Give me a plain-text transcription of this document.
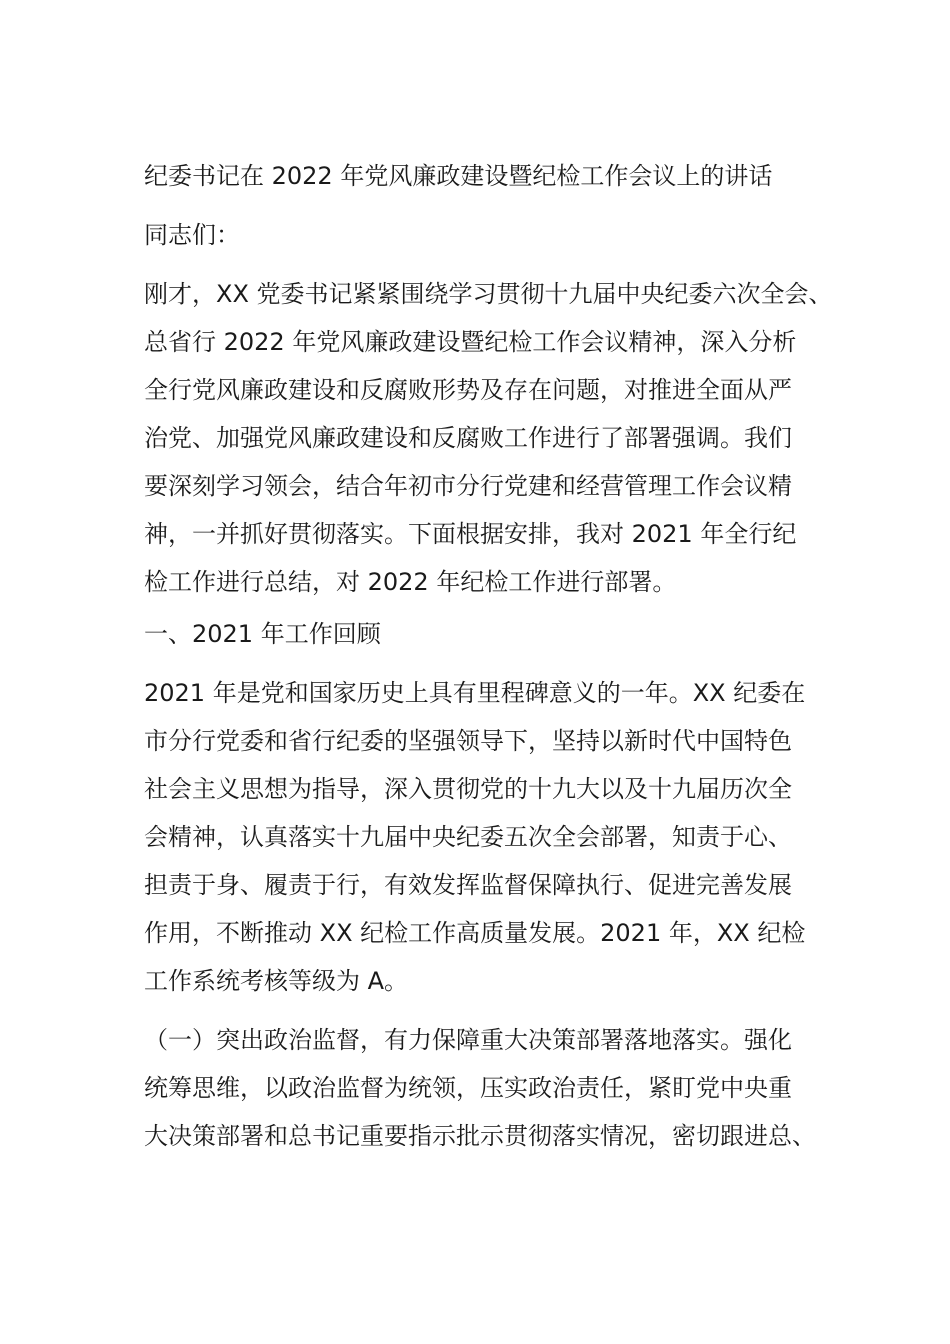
纪委书记在 2022 年党风廉政建设暨纪检工作会议上的讲话
同志们：
刚才，XX 党委书记紧紧围绕学习贯彻十九届中央纪委六次全会、
总省行 2022 年党风廉政建设暨纪检工作会议精神，深入分析
全行党风廉政建设和反腐败形势及存在问题，对推进全面从严
治党、加强党风廉政建设和反腐败工作进行了部署强调。我们
要深刻学习领会，结合年初市分行党建和经营管理工作会议精
神，一并抓好贯彻落实。下面根据安排，我对 2021 年全行纪
检工作进行总结，对 2022 年纪检工作进行部署。
一、2021 年工作回顾
2021 年是党和国家历史上具有里程碑意义的一年。XX 纪委在
市分行党委和省行纪委的坚强领导下，坚持以新时代中国特色
社会主义思想为指导，深入贯彻党的十九大以及十九届历次全
会精神，认真落实十九届中央纪委五次全会部署，知责于心、
担责于身、履责于行，有效发挥监督保障执行、促进完善发展
作用，不断推动 XX 纪检工作高质量发展。2021 年，XX 纪检
工作系统考核等级为 A。
（一）突出政治监督，有力保障重大决策部署落地落实。强化
统筹思维，以政治监督为统领，压实政治责任，紧盯党中央重
大决策部署和总书记重要指示批示贯彻落实情况，密切跟进总、
